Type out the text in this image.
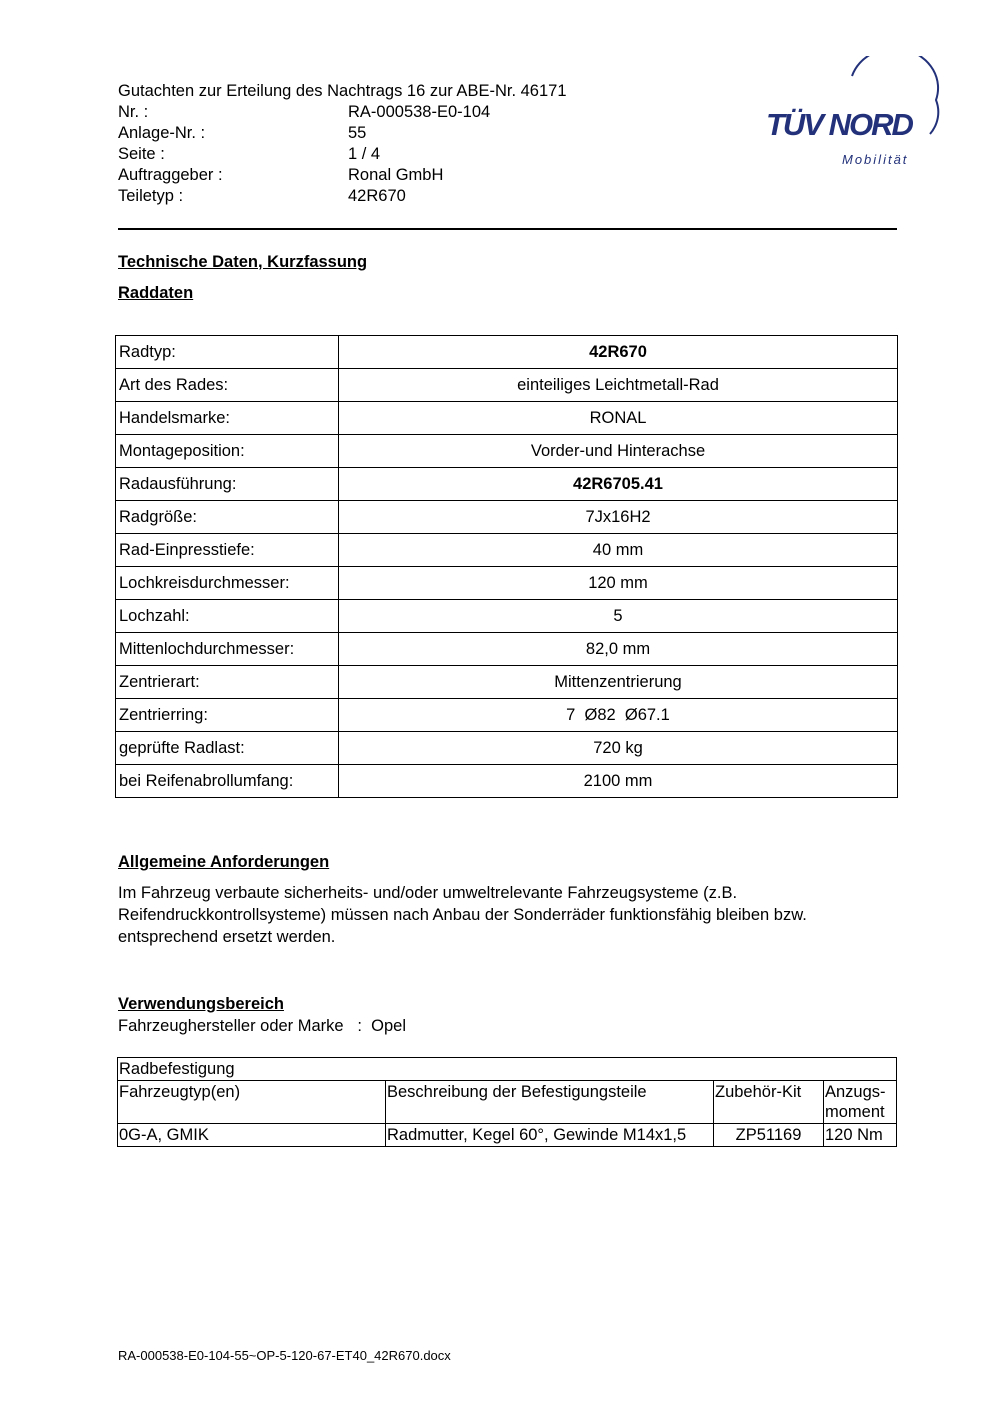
Gutachten zur Erteilung des Nachtrags 16 zur ABE-Nr. 46171
Nr. :	RA-000538-E0-104
Anlage-Nr. :	55
Seite :	1 / 4
Auftraggeber :	Ronal GmbH
Teiletyp :	42R670
TÜV NORD
Mobilität
Technische Daten, Kurzfassung
Raddaten
Radtyp:	42R670
Art des Rades:	einteiliges Leichtmetall-Rad
Handelsmarke:	RONAL
Montageposition:	Vorder-und Hinterachse
Radausführung:	42R6705.41
Radgröße:	7Jx16H2
Rad-Einpresstiefe:	40 mm
Lochkreisdurchmesser:	120 mm
Lochzahl:	5
Mittenlochdurchmesser:	82,0 mm
Zentrierart:	Mittenzentrierung
Zentrierring:	7  Ø82  Ø67.1
geprüfte Radlast:	720 kg
bei Reifenabrollumfang:	2100 mm
Allgemeine Anforderungen
Im Fahrzeug verbaute sicherheits- und/oder umweltrelevante Fahrzeugsysteme (z.B. Reifendruckkontrollsysteme) müssen nach Anbau der Sonderräder funktionsfähig bleiben bzw. entsprechend ersetzt werden.
Verwendungsbereich
Fahrzeughersteller oder Marke : Opel
Radbefestigung			
Fahrzeugtyp(en)	Beschreibung der Befestigungsteile	Zubehör-Kit	Anzugs-
moment
0G-A, GMIK	Radmutter, Kegel 60°, Gewinde M14x1,5	ZP51169	120 Nm
RA-000538-E0-104-55~OP-5-120-67-ET40_42R670.docx
